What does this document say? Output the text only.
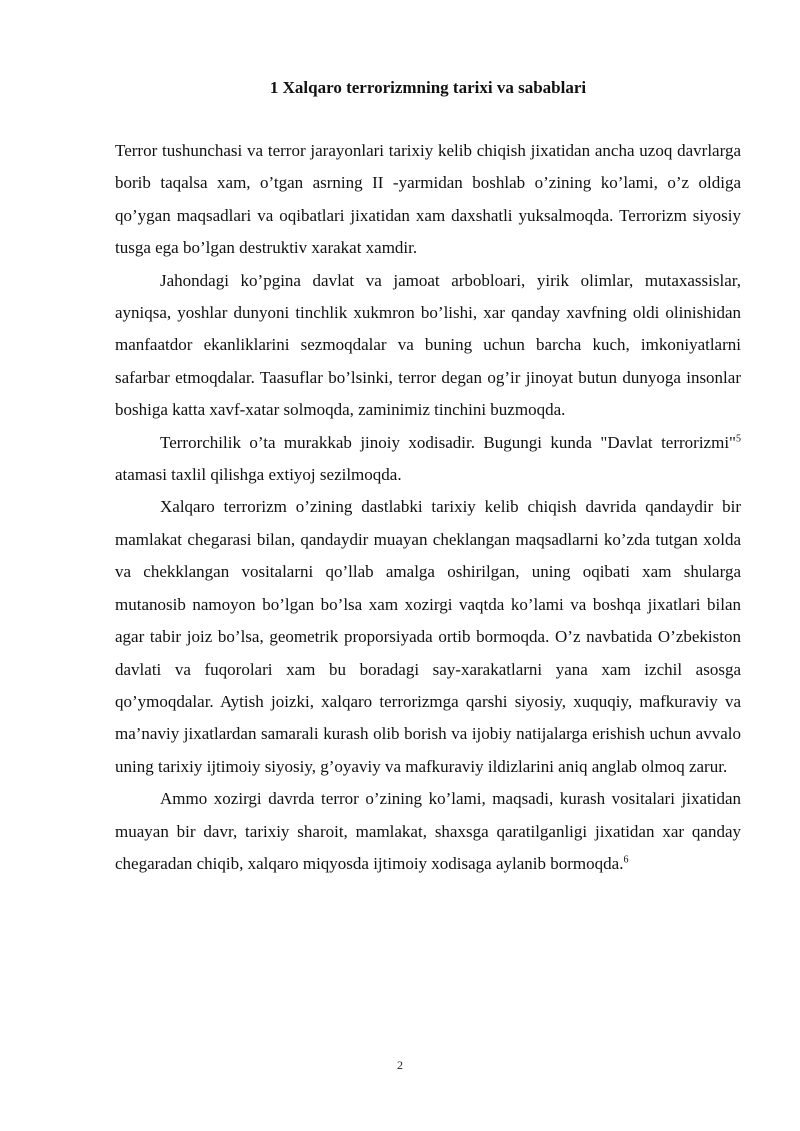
1 Xalqaro terrorizmning tarixi va sabablari

Terror tushunchasi va terror jarayonlari tarixiy kelib chiqish jixatidan ancha uzoq davrlarga borib taqalsa xam, o’tgan asrning II -yarmidan boshlab o’zining ko’lami, o’z oldiga qo’ygan maqsadlari va oqibatlari jixatidan xam daxshatli yuksalmoqda. Terrorizm siyosiy tusga ega bo’lgan destruktiv xarakat xamdir.

Jahondagi ko’pgina davlat va jamoat arbobloari, yirik olimlar, mutaxassislar, ayniqsa, yoshlar dunyoni tinchlik xukmron bo’lishi, xar qanday xavfning oldi olinishidan manfaatdor ekanliklarini sezmoqdalar va buning uchun barcha kuch, imkoniyatlarni safarbar etmoqdalar. Taasuflar bo’lsinki, terror degan og’ir jinoyat butun dunyoga insonlar boshiga katta xavf-xatar solmoqda, zaminimiz tinchini buzmoqda.

Terrorchilik o’ta murakkab jinoiy xodisadir. Bugungi kunda "Davlat terrorizmi"$^5$ atamasi taxlil qilishga extiyoj sezilmoqda.

Xalqaro terrorizm o’zining dastlabki tarixiy kelib chiqish davrida qandaydir bir mamlakat chegarasi bilan, qandaydir muayan cheklangan maqsadlarni ko’zda tutgan xolda va chekklangan vositalarni qo’llab amalga oshirilgan, uning oqibati xam shularga mutanosib namoyon bo’lgan bo’lsa xam xozirgi vaqtda ko’lami va boshqa jixatlari bilan agar tabir joiz bo’lsa, geometrik proporsiyada ortib bormoqda. O’z navbatida O’zbekiston davlati va fuqorolari xam bu boradagi say-xarakatlarni yana xam izchil asosga qo’ymoqdalar. Aytish joizki, xalqaro terrorizmga qarshi siyosiy, xuquqiy, mafkuraviy va ma’naviy jixatlardan samarali kurash olib borish va ijobiy natijalarga erishish uchun avvalo uning tarixiy ijtimoiy siyosiy, g’oyaviy va mafkuraviy ildizlarini aniq anglab olmoq zarur.

Ammo xozirgi davrda terror o’zining ko’lami, maqsadi, kurash vositalari jixatidan muayan bir davr, tarixiy sharoit, mamlakat, shaxsga qaratilganligi jixatidan xar qanday chegaradan chiqib, xalqaro miqyosda ijtimoiy xodisaga aylanib bormoqda.$^6$

2
